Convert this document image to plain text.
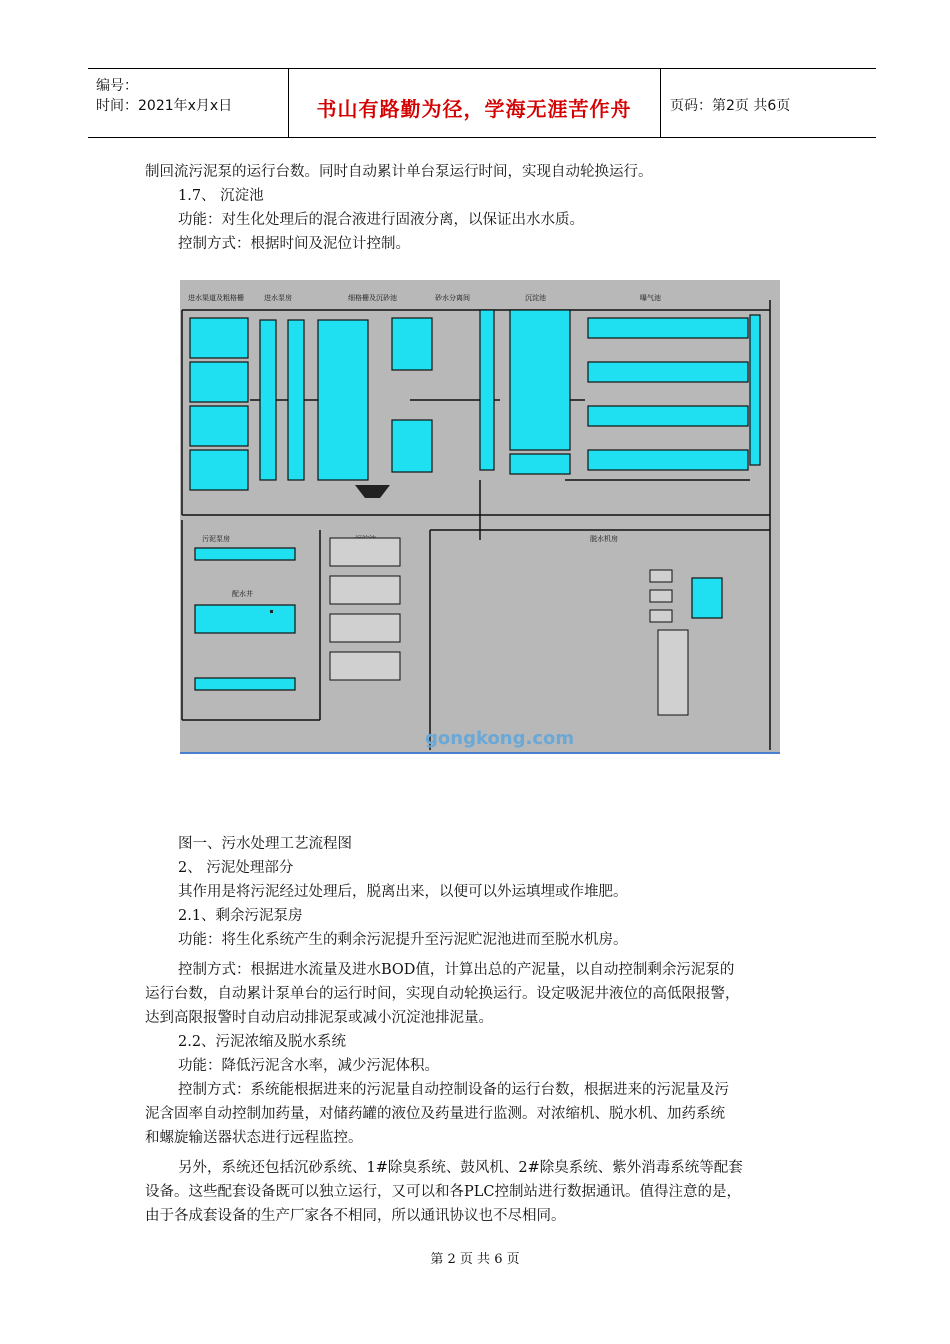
编号：
时间：2021年x月x日	书山有路勤为径，学海无涯苦作舟	页码：第2页 共6页
制回流污泥泵的运行台数。同时自动累计单台泵运行时间，实现自动轮换运行。
1.7、 沉淀池
功能：对生化处理后的混合液进行固液分离，以保证出水水质。
控制方式：根据时间及泥位计控制。
进水渠道及粗格栅	进水泵房	细格栅及沉砂池	砂水分离间	沉淀池	曝气池
污泥泵房	脱水机房
配水井
gongkong.com
图一、污水处理工艺流程图
2、 污泥处理部分
其作用是将污泥经过处理后，脱离出来，以便可以外运填埋或作堆肥。
2.1、剩余污泥泵房
功能：将生化系统产生的剩余污泥提升至污泥贮泥池进而至脱水机房。
控制方式：根据进水流量及进水BOD值，计算出总的产泥量，以自动控制剩余污泥泵的
运行台数，自动累计泵单台的运行时间，实现自动轮换运行。设定吸泥井液位的高低限报警，
达到高限报警时自动启动排泥泵或减小沉淀池排泥量。
2.2、污泥浓缩及脱水系统
功能：降低污泥含水率，减少污泥体积。
控制方式：系统能根据进来的污泥量自动控制设备的运行台数，根据进来的污泥量及污
泥含固率自动控制加药量，对储药罐的液位及药量进行监测。对浓缩机、脱水机、加药系统
和螺旋输送器状态进行远程监控。
另外，系统还包括沉砂系统、1#除臭系统、鼓风机、2#除臭系统、紫外消毒系统等配套
设备。这些配套设备既可以独立运行，又可以和各PLC控制站进行数据通讯。值得注意的是，
由于各成套设备的生产厂家各不相同，所以通讯协议也不尽相同。
第 2 页 共 6 页
